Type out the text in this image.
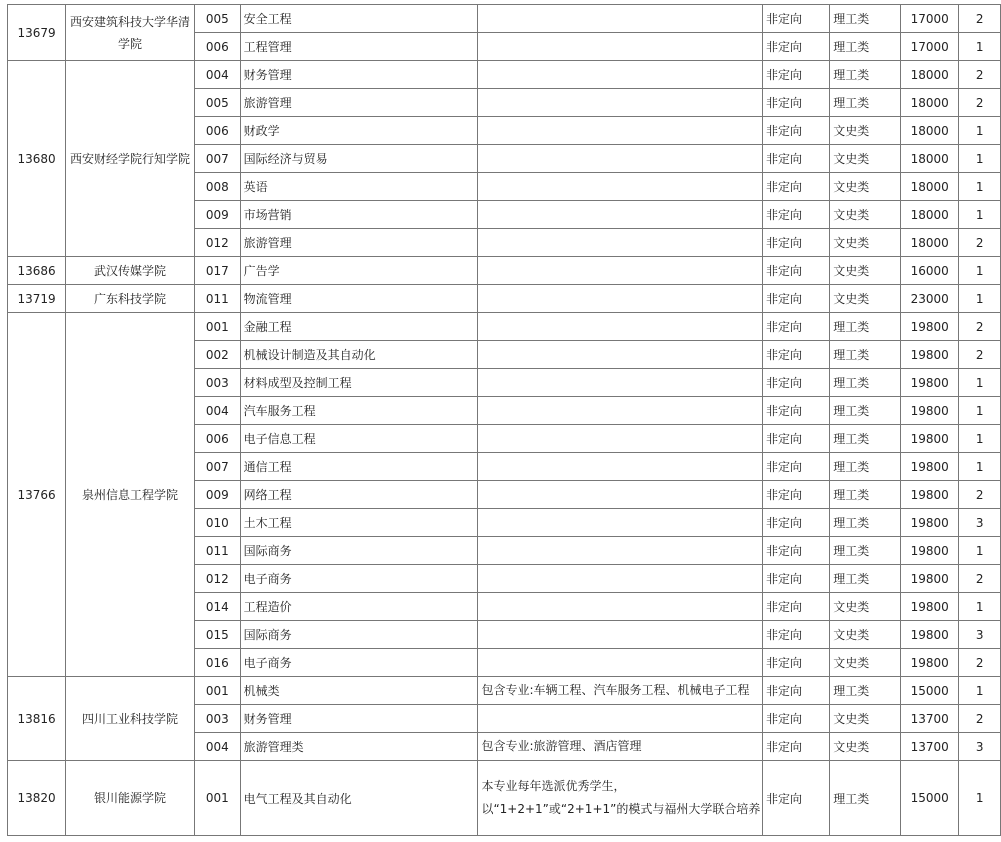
13679	西安建筑科技大学华清学院	005	安全工程		非定向	理工类	17000	2
		006	工程管理		非定向	理工类	17000	1
13680	西安财经学院行知学院	004	财务管理		非定向	理工类	18000	2
		005	旅游管理		非定向	理工类	18000	2
		006	财政学		非定向	文史类	18000	1
		007	国际经济与贸易		非定向	文史类	18000	1
		008	英语		非定向	文史类	18000	1
		009	市场营销		非定向	文史类	18000	1
		012	旅游管理		非定向	文史类	18000	2
13686	武汉传媒学院	017	广告学		非定向	文史类	16000	1
13719	广东科技学院	011	物流管理		非定向	文史类	23000	1
13766	泉州信息工程学院	001	金融工程		非定向	理工类	19800	2
		002	机械设计制造及其自动化		非定向	理工类	19800	2
		003	材料成型及控制工程		非定向	理工类	19800	1
		004	汽车服务工程		非定向	理工类	19800	1
		006	电子信息工程		非定向	理工类	19800	1
		007	通信工程		非定向	理工类	19800	1
		009	网络工程		非定向	理工类	19800	2
		010	土木工程		非定向	理工类	19800	3
		011	国际商务		非定向	理工类	19800	1
		012	电子商务		非定向	理工类	19800	2
		014	工程造价		非定向	文史类	19800	1
		015	国际商务		非定向	文史类	19800	3
		016	电子商务		非定向	文史类	19800	2
13816	四川工业科技学院	001	机械类	包含专业:车辆工程、汽车服务工程、机械电子工程	非定向	理工类	15000	1
		003	财务管理		非定向	文史类	13700	2
		004	旅游管理类	包含专业:旅游管理、酒店管理	非定向	文史类	13700	3
13820	银川能源学院	001	电气工程及其自动化	本专业每年选派优秀学生，以“1+2+1”或“2+1+1”的模式与福州大学联合培养	非定向	理工类	15000	1
